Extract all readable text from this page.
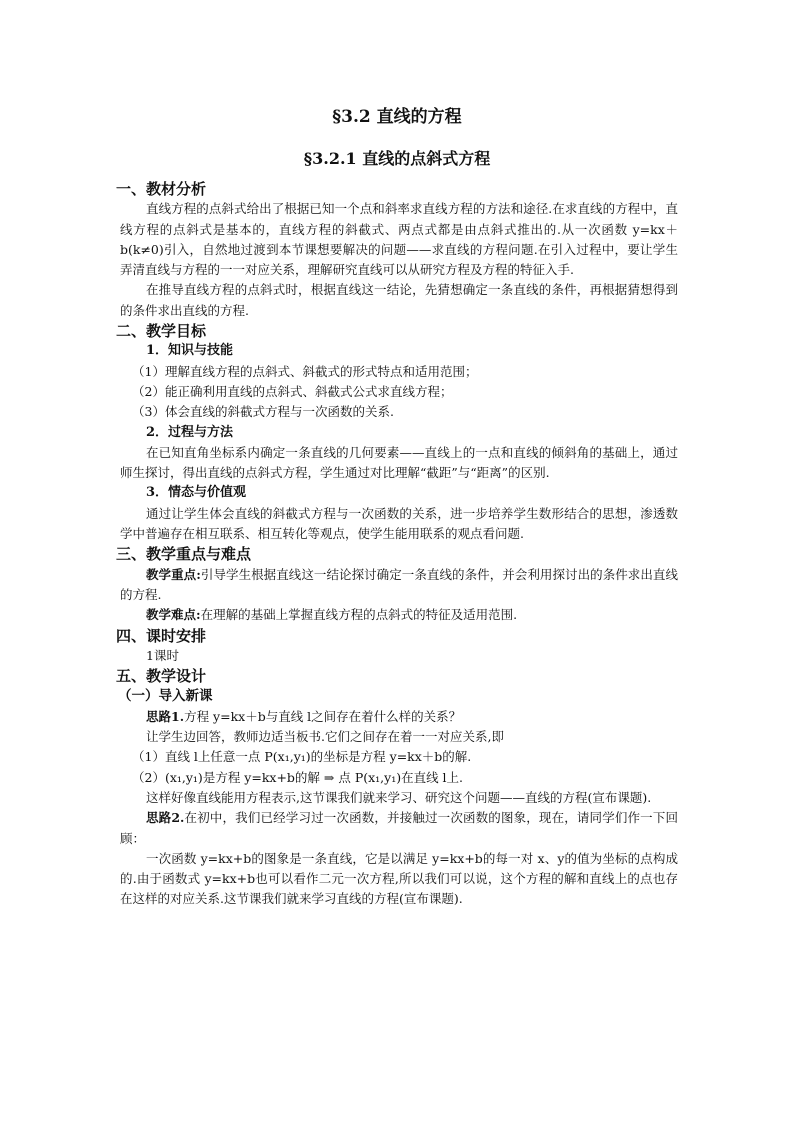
§3.2 直线的方程
§3.2.1 直线的点斜式方程

一、教材分析

直线方程的点斜式给出了根据已知一个点和斜率求直线方程的方法和途径.在求直线的方程中，直线方程的点斜式是基本的，直线方程的斜截式、两点式都是由点斜式推出的.从一次函数 y=kx＋b(k≠0)引入，自然地过渡到本节课想要解决的问题——求直线的方程问题.在引入过程中，要让学生弄清直线与方程的一一对应关系，理解研究直线可以从研究方程及方程的特征入手.

在推导直线方程的点斜式时，根据直线这一结论，先猜想确定一条直线的条件，再根据猜想得到的条件求出直线的方程.

二、教学目标

1．知识与技能

（1）理解直线方程的点斜式、斜截式的形式特点和适用范围；

（2）能正确利用直线的点斜式、斜截式公式求直线方程；

（3）体会直线的斜截式方程与一次函数的关系.

2．过程与方法

在已知直角坐标系内确定一条直线的几何要素——直线上的一点和直线的倾斜角的基础上，通过师生探讨，得出直线的点斜式方程，学生通过对比理解“截距”与“距离”的区别.

3．情态与价值观

通过让学生体会直线的斜截式方程与一次函数的关系，进一步培养学生数形结合的思想，渗透数学中普遍存在相互联系、相互转化等观点，使学生能用联系的观点看问题.

三、教学重点与难点

教学重点:引导学生根据直线这一结论探讨确定一条直线的条件，并会利用探讨出的条件求出直线的方程.

教学难点:在理解的基础上掌握直线方程的点斜式的特征及适用范围.

四、课时安排

1课时

五、教学设计

（一）导入新课

思路1.方程 y=kx＋b与直线 l之间存在着什么样的关系？

让学生边回答，教师边适当板书.它们之间存在着一一对应关系,即

（1）直线 l上任意一点 P(x₁,y₁)的坐标是方程 y=kx＋b的解.

（2）(x₁,y₁)是方程 y=kx+b的解 ⇒ 点 P(x₁,y₁)在直线 l上.

这样好像直线能用方程表示,这节课我们就来学习、研究这个问题——直线的方程(宣布课题).

思路2.在初中，我们已经学习过一次函数，并接触过一次函数的图象，现在，请同学们作一下回顾：

一次函数 y=kx+b的图象是一条直线，它是以满足 y=kx+b的每一对 x、y的值为坐标的点构成的.由于函数式 y=kx+b也可以看作二元一次方程,所以我们可以说，这个方程的解和直线上的点也存在这样的对应关系.这节课我们就来学习直线的方程(宣布课题).
